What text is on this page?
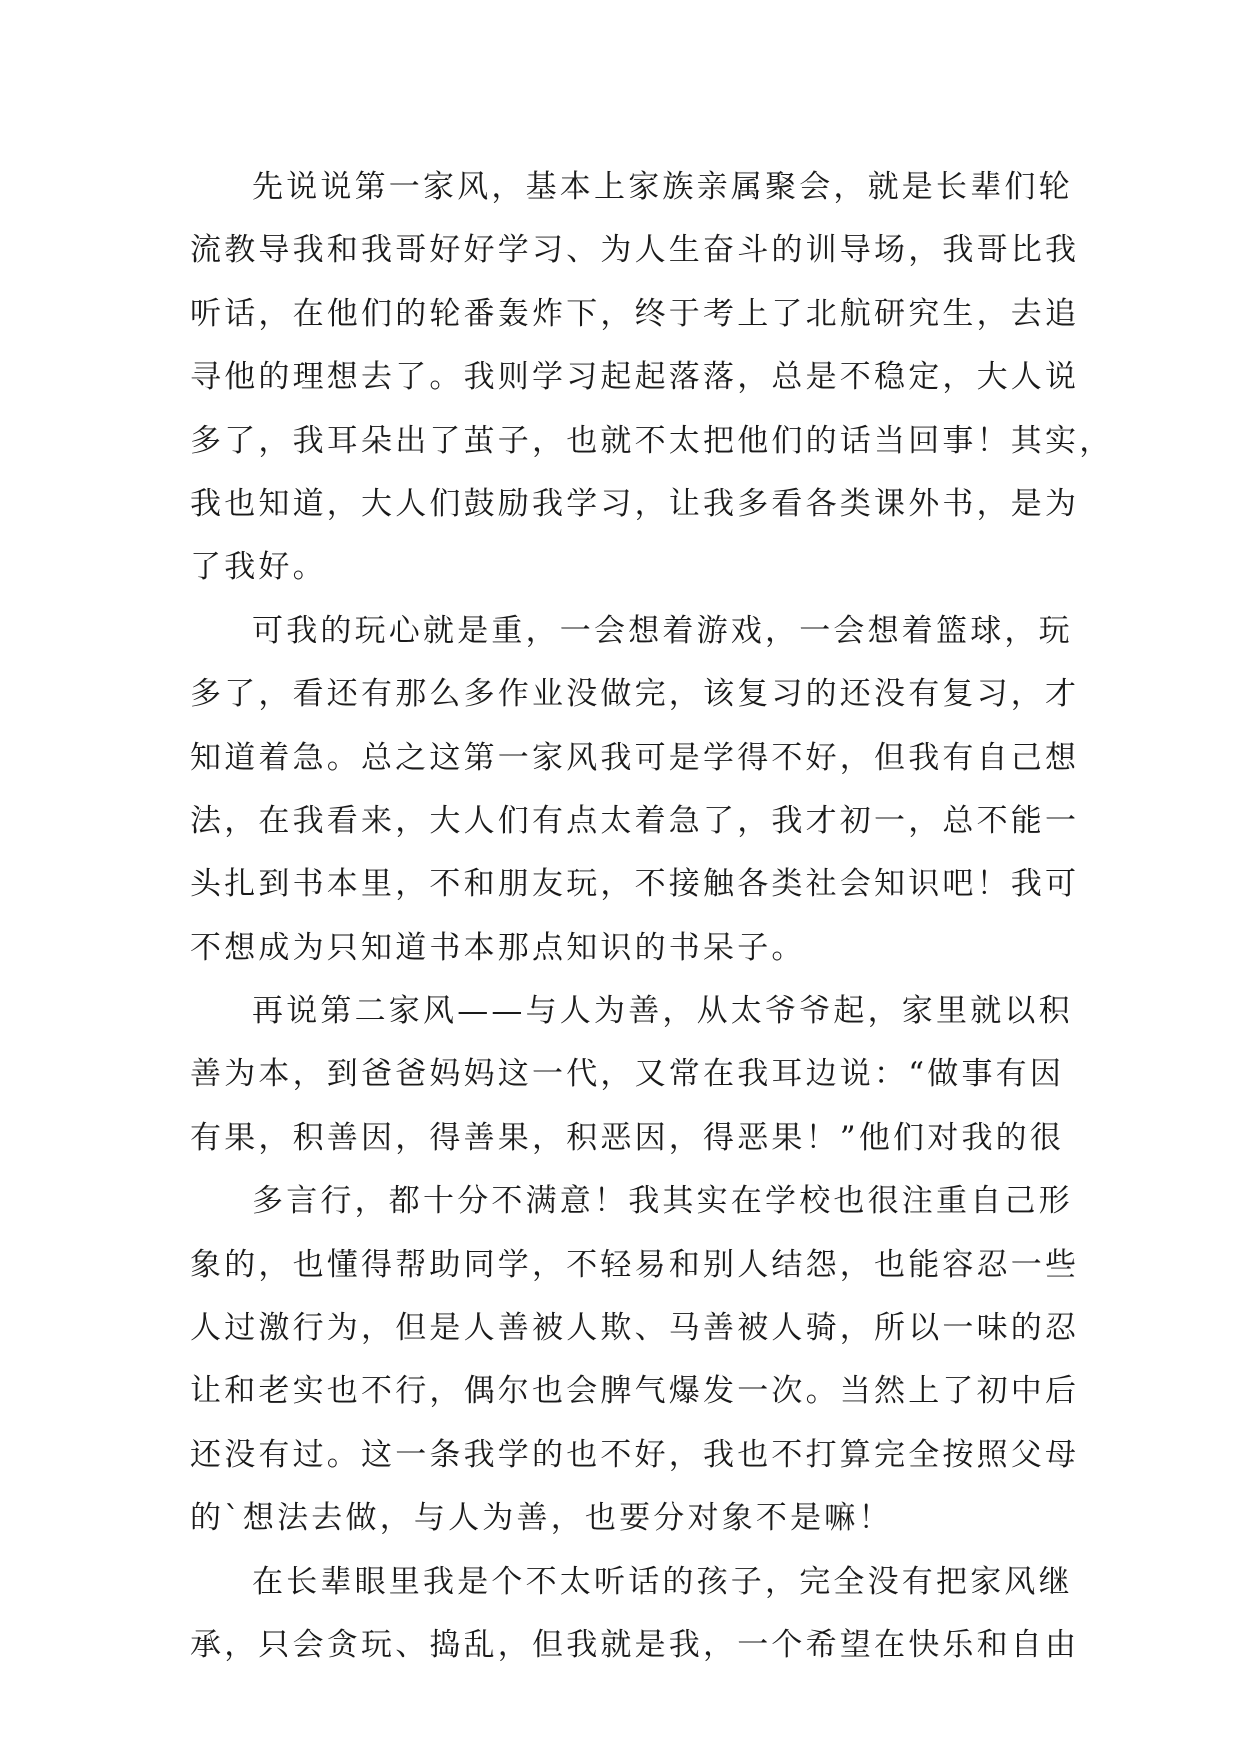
先说说第一家风，基本上家族亲属聚会，就是长辈们轮
流教导我和我哥好好学习、为人生奋斗的训导场，我哥比我
听话，在他们的轮番轰炸下，终于考上了北航研究生，去追
寻他的理想去了。我则学习起起落落，总是不稳定，大人说
多了，我耳朵出了茧子，也就不太把他们的话当回事！其实，
我也知道，大人们鼓励我学习，让我多看各类课外书，是为
了我好。
可我的玩心就是重，一会想着游戏，一会想着篮球，玩
多了，看还有那么多作业没做完，该复习的还没有复习，才
知道着急。总之这第一家风我可是学得不好，但我有自己想
法，在我看来，大人们有点太着急了，我才初一，总不能一
头扎到书本里，不和朋友玩，不接触各类社会知识吧！我可
不想成为只知道书本那点知识的书呆子。
再说第二家风——与人为善，从太爷爷起，家里就以积
善为本，到爸爸妈妈这一代，又常在我耳边说：“做事有因
有果，积善因，得善果，积恶因，得恶果！”他们对我的很
多言行，都十分不满意！我其实在学校也很注重自己形
象的，也懂得帮助同学，不轻易和别人结怨，也能容忍一些
人过激行为，但是人善被人欺、马善被人骑，所以一味的忍
让和老实也不行，偶尔也会脾气爆发一次。当然上了初中后
还没有过。这一条我学的也不好，我也不打算完全按照父母
的`想法去做，与人为善，也要分对象不是嘛！
在长辈眼里我是个不太听话的孩子，完全没有把家风继
承，只会贪玩、捣乱，但我就是我，一个希望在快乐和自由
